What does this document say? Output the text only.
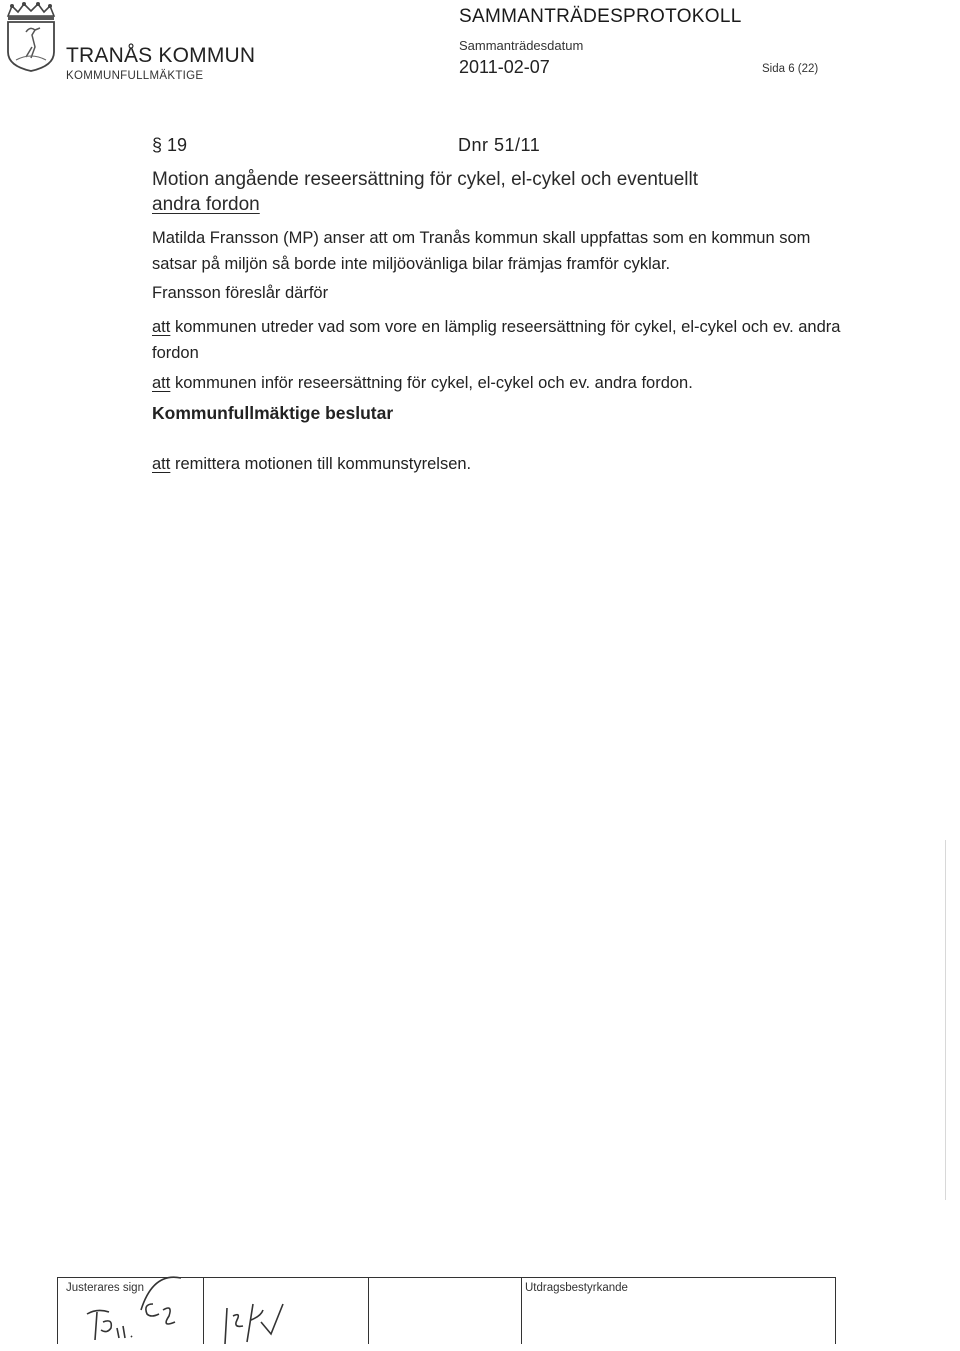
TRANÅS KOMMUN
KOMMUNFULLMÄKTIGE
SAMMANTRÄDESPROTOKOLL
Sammanträdesdatum
2011-02-07	Sida 6 (22)
§ 19	Dnr 51/11
Motion angående reseersättning för cykel, el-cykel och eventuellt
andra fordon
Matilda Fransson (MP) anser att om Tranås kommun skall uppfattas som en kommun som satsar på miljön så borde inte miljöovänliga bilar främjas framför cyklar.
Fransson föreslår därför
att kommunen utreder vad som vore en lämplig reseersättning för cykel, el-cykel och ev. andra fordon
att kommunen inför reseersättning för cykel, el-cykel och ev. andra fordon.
Kommunfullmäktige beslutar
att remittera motionen till kommunstyrelsen.
Justerares sign	Utdragsbestyrkande
